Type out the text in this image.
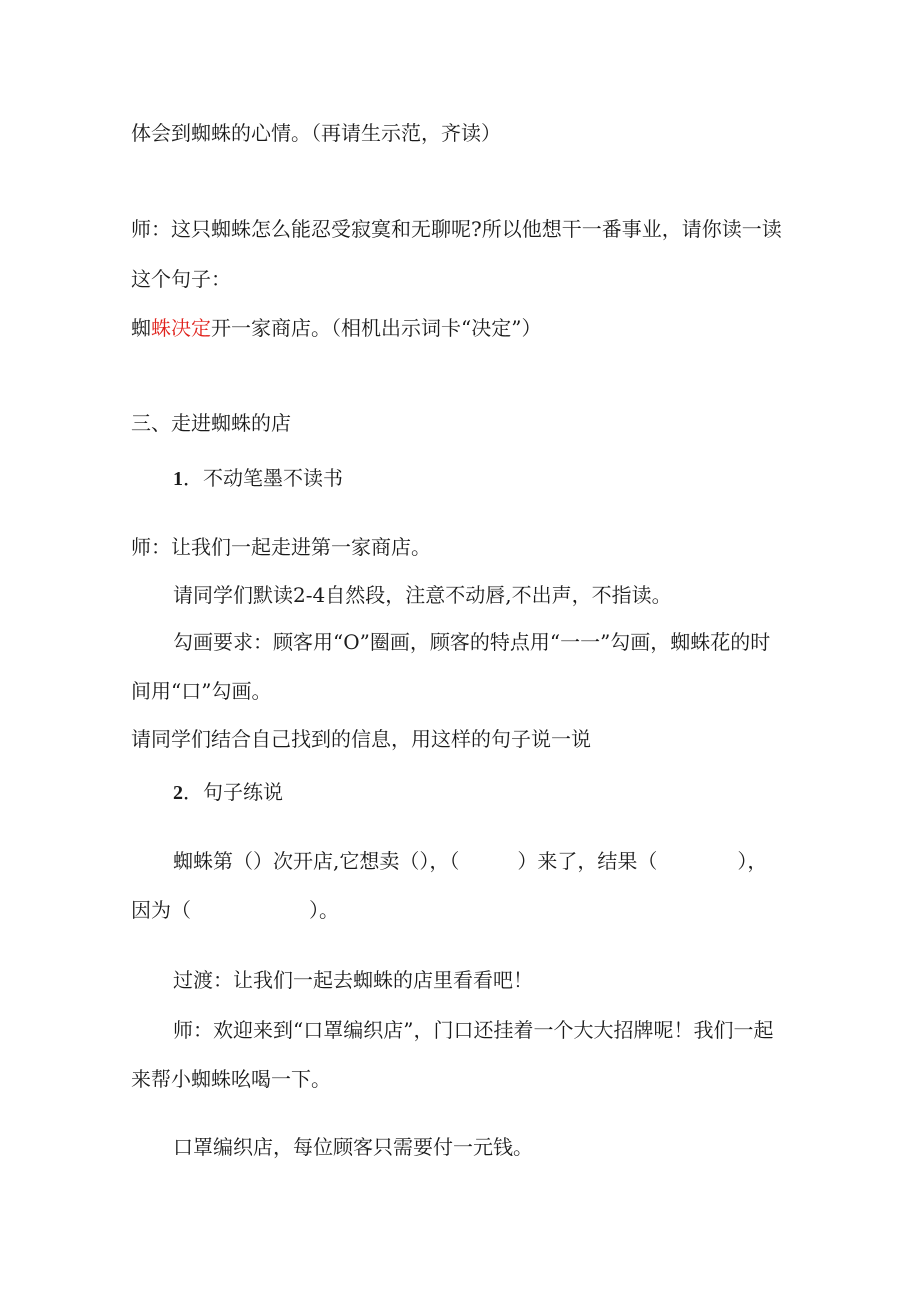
体会到蜘蛛的心情。（再请生示范，齐读）
师：这只蜘蛛怎么能忍受寂寞和无聊呢?所以他想干一番事业，请你读一读
这个句子：
蜘蛛决定开一家商店。（相机出示词卡“决定”）
三、走进蜘蛛的店
1．不动笔墨不读书
师：让我们一起走进第一家商店。
请同学们默读2-4自然段，注意不动唇,不出声，不指读。
勾画要求：顾客用“O”圈画，顾客的特点用“一一”勾画，蜘蛛花的时
间用“口”勾画。
请同学们结合自己找到的信息，用这样的句子说一说
2．句子练说
蜘蛛第（）次开店,它想卖（），（	）来了，结果（	），
因为（	）。
过渡：让我们一起去蜘蛛的店里看看吧！
师：欢迎来到“口罩编织店”，门口还挂着一个大大招牌呢！我们一起
来帮小蜘蛛吆喝一下。
口罩编织店，每位顾客只需要付一元钱。
